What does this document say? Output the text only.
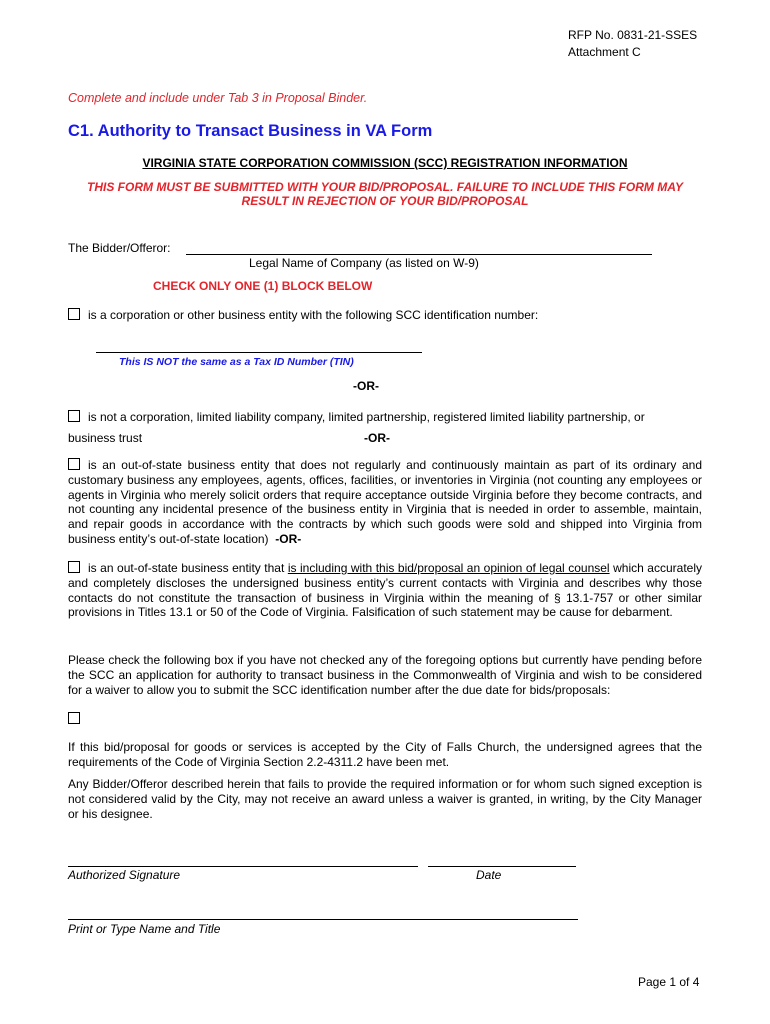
RFP No. 0831-21-SSES
Attachment C
Complete and include under Tab 3 in Proposal Binder.
C1. Authority to Transact Business in VA Form
VIRGINIA STATE CORPORATION COMMISSION (SCC) REGISTRATION INFORMATION
THIS FORM MUST BE SUBMITTED WITH YOUR BID/PROPOSAL. FAILURE TO INCLUDE THIS FORM MAY
RESULT IN REJECTION OF YOUR BID/PROPOSAL
The Bidder/Offeror:
Legal Name of Company (as listed on W-9)
CHECK ONLY ONE (1) BLOCK BELOW
is a corporation or other business entity with the following SCC identification number:
This IS NOT the same as a Tax ID Number (TIN)
-OR-
is not a corporation, limited liability company, limited partnership, registered limited liability partnership, or
business trust	-OR-
is an out-of-state business entity that does not regularly and continuously maintain as part of its ordinary and customary business any employees, agents, offices, facilities, or inventories in Virginia (not counting any employees or agents in Virginia who merely solicit orders that require acceptance outside Virginia before they become contracts, and not counting any incidental presence of the business entity in Virginia that is needed in order to assemble, maintain, and repair goods in accordance with the contracts by which such goods were sold and shipped into Virginia from business entity’s out-of-state location) -OR-
is an out-of-state business entity that is including with this bid/proposal an opinion of legal counsel which accurately and completely discloses the undersigned business entity’s current contacts with Virginia and describes why those contacts do not constitute the transaction of business in Virginia within the meaning of § 13.1-757 or other similar provisions in Titles 13.1 or 50 of the Code of Virginia. Falsification of such statement may be cause for debarment.
Please check the following box if you have not checked any of the foregoing options but currently have pending before the SCC an application for authority to transact business in the Commonwealth of Virginia and wish to be considered for a waiver to allow you to submit the SCC identification number after the due date for bids/proposals:
If this bid/proposal for goods or services is accepted by the City of Falls Church, the undersigned agrees that the requirements of the Code of Virginia Section 2.2-4311.2 have been met.
Any Bidder/Offeror described herein that fails to provide the required information or for whom such signed exception is not considered valid by the City, may not receive an award unless a waiver is granted, in writing, by the City Manager or his designee.
Authorized Signature	Date
Print or Type Name and Title
Page 1 of 4
